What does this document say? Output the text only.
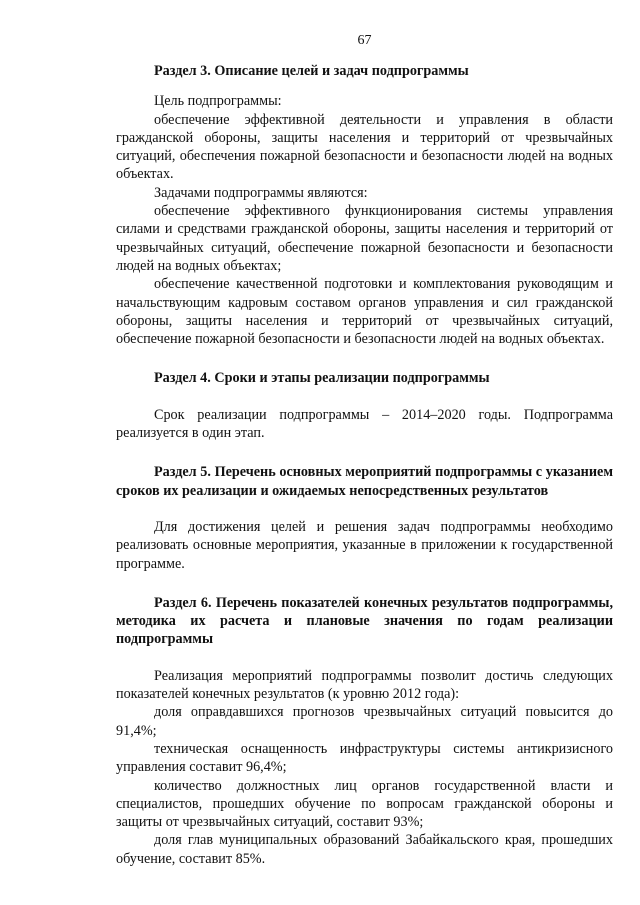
67
Раздел 3. Описание целей и задач подпрограммы

Цель подпрограммы:

обеспечение эффективной деятельности и управления в области гражданской обороны, защиты населения и территорий от чрезвычайных ситуаций, обеспечения пожарной безопасности и безопасности людей на водных объектах.

Задачами подпрограммы являются:

обеспечение эффективного функционирования системы управления силами и средствами гражданской обороны, защиты населения и территорий от чрезвычайных ситуаций, обеспечение пожарной безопасности и безопасности людей на водных объектах;

обеспечение качественной подготовки и комплектования руководящим и начальствующим кадровым составом органов управления и сил гражданской обороны, защиты населения и территорий от чрезвычайных ситуаций, обеспечение пожарной безопасности и безопасности людей на водных объектах.

Раздел 4. Сроки и этапы реализации подпрограммы

Срок реализации подпрограммы – 2014–2020 годы. Подпрограмма реализуется в один этап.

Раздел 5. Перечень основных мероприятий подпрограммы с указанием сроков их реализации и ожидаемых непосредственных результатов

Для достижения целей и решения задач подпрограммы необходимо реализовать основные мероприятия, указанные в приложении к государственной программе.

Раздел 6. Перечень показателей конечных результатов подпрограммы, методика их расчета и плановые значения по годам реализации подпрограммы

Реализация мероприятий подпрограммы позволит достичь следующих показателей конечных результатов (к уровню 2012 года):

доля оправдавшихся прогнозов чрезвычайных ситуаций повысится до 91,4%;

техническая оснащенность инфраструктуры системы антикризисного управления составит 96,4%;

количество должностных лиц органов государственной власти и специалистов, прошедших обучение по вопросам гражданской обороны и защиты от чрезвычайных ситуаций, составит 93%;

доля глав муниципальных образований Забайкальского края, прошедших обучение, составит 85%.
